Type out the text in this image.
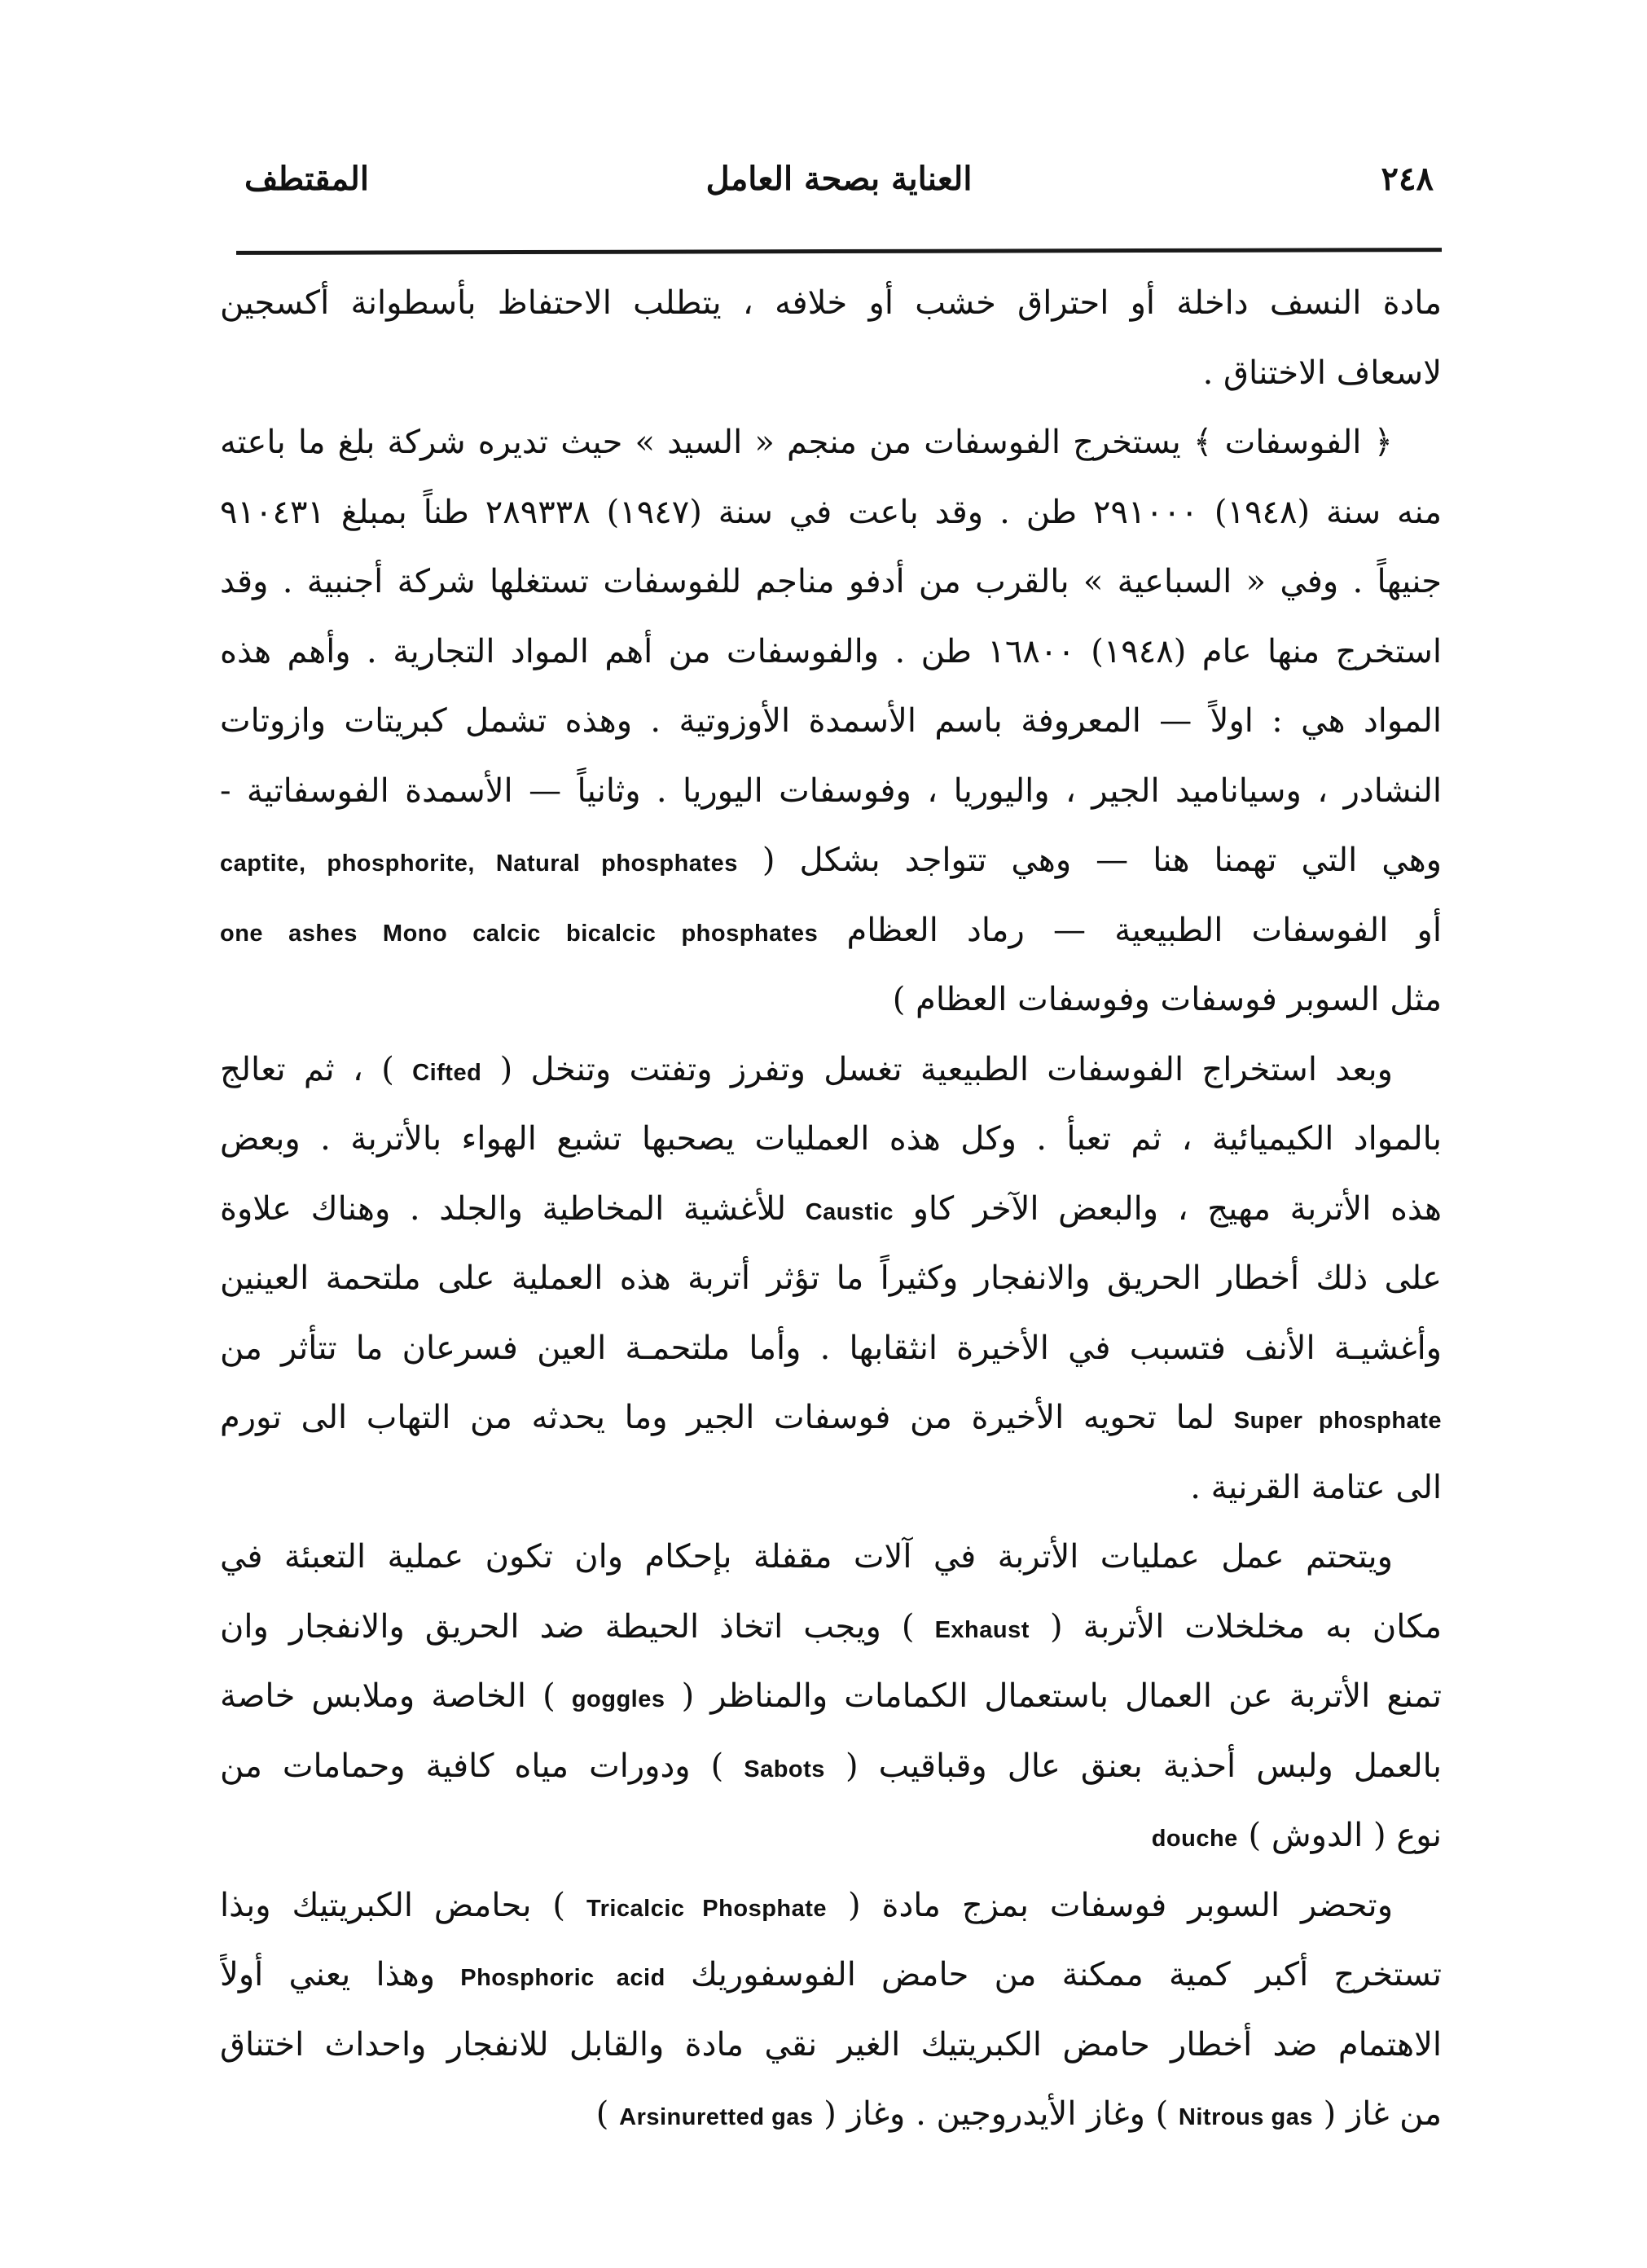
٢٤٨
العناية بصحة العامل
المقتطف
مادة النسف داخلة أو احتراق خشب أو خلافه ، يتطلب الاحتفاظ بأسطوانة أكسجين
لاسعاف الاختناق .
﴿ الفوسفات ﴾ يستخرج الفوسفات من منجم « السيد » حيث تديره شركة بلغ ما باعته
منه سنة (١٩٤٨) ٢٩١٠٠٠ طن . وقد باعت في سنة (١٩٤٧) ٢٨٩٣٣٨ طناً بمبلغ ٩١٠٤٣١
جنيهاً . وفي « السباعية » بالقرب من أدفو مناجم للفوسفات تستغلها شركة أجنبية . وقد
استخرج منها عام (١٩٤٨) ١٦٨٠٠ طن . والفوسفات من أهم المواد التجارية . وأهم هذه
المواد هي : اولاً — المعروفة باسم الأسمدة الأوزوتية . وهذه تشمل كبريتات وازوتات
النشادر ، وسياناميد الجير ، واليوريا ، وفوسفات اليوريا . وثانياً — الأسمدة الفوسفاتية -
وهي التي تهمنا هنا — وهي تتواجد بشكل ( captite, phosphorite, Natural phosphates
أو الفوسفات الطبيعية — رماد العظام one ashes Mono calcic bicalcic phosphates
مثل السوبر فوسفات وفوسفات العظام )
وبعد استخراج الفوسفات الطبيعية تغسل وتفرز وتفتت وتنخل ( Cifted ) ، ثم تعالج
بالمواد الكيميائية ، ثم تعبأ . وكل هذه العمليات يصحبها تشبع الهواء بالأتربة . وبعض
هذه الأتربة مهيج ، والبعض الآخر كاو Caustic للأغشية المخاطية والجلد . وهناك علاوة
على ذلك أخطار الحريق والانفجار وكثيراً ما تؤثر أتربة هذه العملية على ملتحمة العينين
وأغشيـة الأنف فتسبب في الأخيرة انثقابها . وأما ملتحمـة العين فسرعان ما تتأثر من
Super phosphate لما تحويه الأخيرة من فوسفات الجير وما يحدثه من التهاب الى تورم
الى عتامة القرنية .
ويتحتم عمل عمليات الأتربة في آلات مقفلة بإحكام وان تكون عملية التعبئة في
مكان به مخلخلات الأتربة ( Exhaust ) ويجب اتخاذ الحيطة ضد الحريق والانفجار وان
تمنع الأتربة عن العمال باستعمال الكمامات والمناظر ( goggles ) الخاصة وملابس خاصة
بالعمل ولبس أحذية بعنق عال وقباقيب ( Sabots ) ودورات مياه كافية وحمامات من
نوع ( الدوش ) douche
وتحضر السوبر فوسفات بمزج مادة ( Tricalcic Phosphate ) بحامض الكبريتيك وبذا
تستخرج أكبر كمية ممكنة من حامض الفوسفوريك Phosphoric acid وهذا يعني أولاً
الاهتمام ضد أخطار حامض الكبريتيك الغير نقي مادة والقابل للانفجار واحداث اختناق
من غاز ( Nitrous gas ) وغاز الأيدروجين . وغاز ( Arsinuretted gas )
